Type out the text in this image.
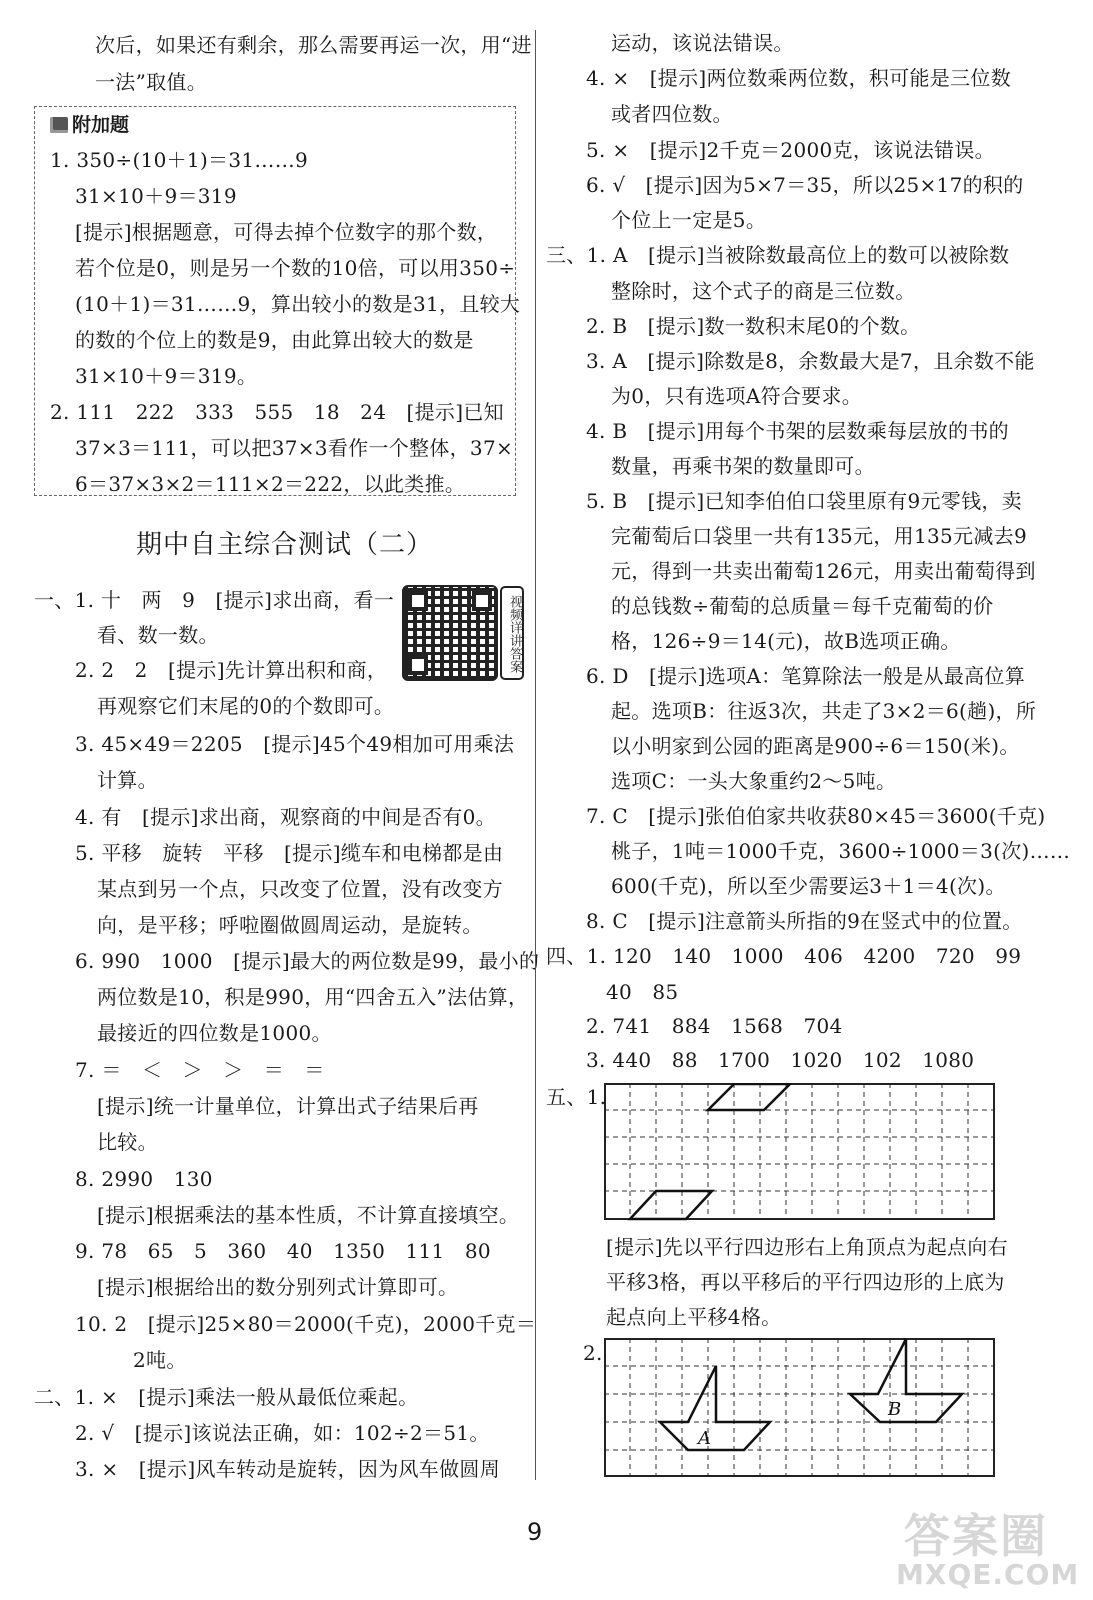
次后，如果还有剩余，那么需要再运一次，用“进
一法”取值。
附加题
1. 350÷(10＋1)＝31……9
31×10＋9＝319
[提示]根据题意，可得去掉个位数字的那个数，
若个位是0，则是另一个数的10倍，可以用350÷
(10＋1)＝31……9，算出较小的数是31，且较大
的数的个位上的数是9，由此算出较大的数是
31×10＋9＝319。
2. 111　222　333　555　18　24　[提示]已知
37×3＝111，可以把37×3看作一个整体，37×
6＝37×3×2＝111×2＝222，以此类推。
期中自主综合测试（二）
视频详讲答案
一、1. 十　两　9　[提示]求出商，看一
看、数一数。
2. 2　2　[提示]先计算出积和商，
再观察它们末尾的0的个数即可。
3. 45×49＝2205　[提示]45个49相加可用乘法
计算。
4. 有　[提示]求出商，观察商的中间是否有0。
5. 平移　旋转　平移　[提示]缆车和电梯都是由
某点到另一个点，只改变了位置，没有改变方
向，是平移；呼啦圈做圆周运动，是旋转。
6. 990　1000　[提示]最大的两位数是99，最小的
两位数是10，积是990，用“四舍五入”法估算，
最接近的四位数是1000。
7. ＝　＜　＞　＞　＝　＝
[提示]统一计量单位，计算出式子结果后再
比较。
8. 2990　130
[提示]根据乘法的基本性质，不计算直接填空。
9. 78　65　5　360　40　1350　111　80
[提示]根据给出的数分别列式计算即可。
10. 2　[提示]25×80＝2000(千克)，2000千克＝
2吨。
二、1. ×　[提示]乘法一般从最低位乘起。
2. √　[提示]该说法正确，如：102÷2＝51。
3. ×　[提示]风车转动是旋转，因为风车做圆周
运动，该说法错误。
4. ×　[提示]两位数乘两位数，积可能是三位数
或者四位数。
5. ×　[提示]2千克＝2000克，该说法错误。
6. √　[提示]因为5×7＝35，所以25×17的积的
个位上一定是5。
三、1. A　[提示]当被除数最高位上的数可以被除数
整除时，这个式子的商是三位数。
2. B　[提示]数一数积末尾0的个数。
3. A　[提示]除数是8，余数最大是7，且余数不能
为0，只有选项A符合要求。
4. B　[提示]用每个书架的层数乘每层放的书的
数量，再乘书架的数量即可。
5. B　[提示]已知李伯伯口袋里原有9元零钱，卖
完葡萄后口袋里一共有135元，用135元减去9
元，得到一共卖出葡萄126元，用卖出葡萄得到
的总钱数÷葡萄的总质量＝每千克葡萄的价
格，126÷9＝14(元)，故B选项正确。
6. D　[提示]选项A：笔算除法一般是从最高位算
起。选项B：往返3次，共走了3×2＝6(趟)，所
以小明家到公园的距离是900÷6＝150(米)。
选项C：一头大象重约2～5吨。
7. C　[提示]张伯伯家共收获80×45＝3600(千克)
桃子，1吨＝1000千克，3600÷1000＝3(次)……
600(千克)，所以至少需要运3＋1＝4(次)。
8. C　[提示]注意箭头所指的9在竖式中的位置。
四、1. 120　140　1000　406　4200　720　99
40　85
2. 741　884　1568　704
3. 440　88　1700　1020　102　1080
五、1.
[提示]先以平行四边形右上角顶点为起点向右
平移3格，再以平移后的平行四边形的上底为
起点向上平移4格。
2.
A
B
9	答案圈
MXQE.COM
